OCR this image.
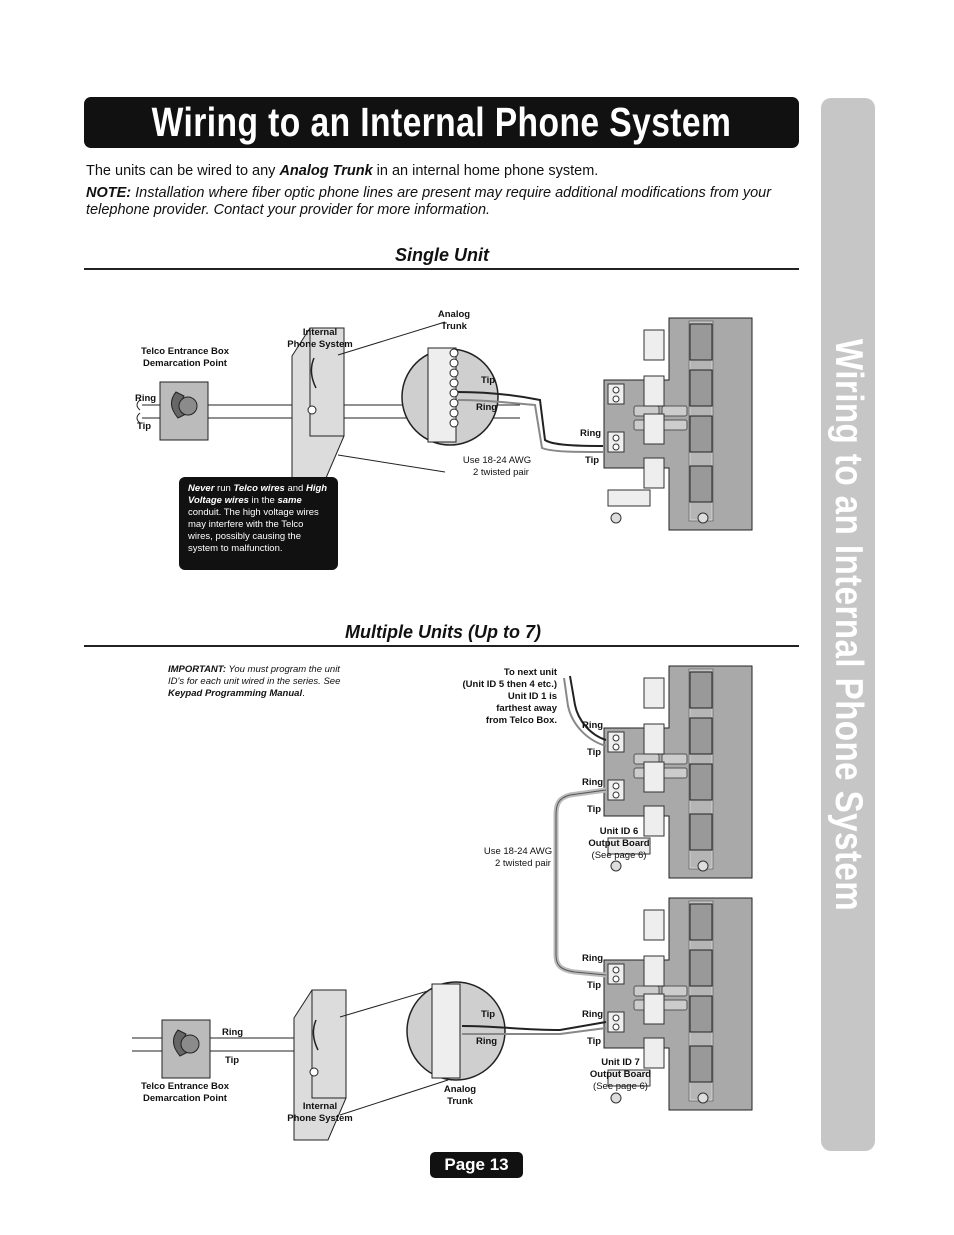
Wiring to an Internal Phone System
Wiring to an Internal Phone System

The units can be wired to any Analog Trunk in an internal home phone system.

NOTE: Installation where fiber optic phone lines are present may require additional modifications from your telephone provider. Contact your provider for more information.

Single Unit
Multiple Units (Up to 7)
Telco Entrance Box
Demarcation Point
Internal
Phone System
Analog
Trunk
Ring
Tip
Tip
Ring
Ring
Tip
Use 18-24 AWG
2 twisted pair
Never run Telco wires and High Voltage wires in the same conduit. The high voltage wires may interfere with the Telco wires, possibly causing the system to malfunction.
IMPORTANT: You must program the unit ID's for each unit wired in the series. See Keypad Programming Manual.
To next unit
(Unit ID 5 then 4 etc.)
Unit ID 1 is
farthest away
from Telco Box.	Ring
Tip
Ring
Tip
Unit ID 6
Output Board
(See page 6)
Use 18-24 AWG
2 twisted pair
Ring
Tip
Ring
Tip
Unit ID 7
Output Board
(See page 6)
Tip
Ring
Ring
Tip
Telco Entrance Box
Demarcation Point
Internal
Phone System
Analog
Trunk
Page 13
